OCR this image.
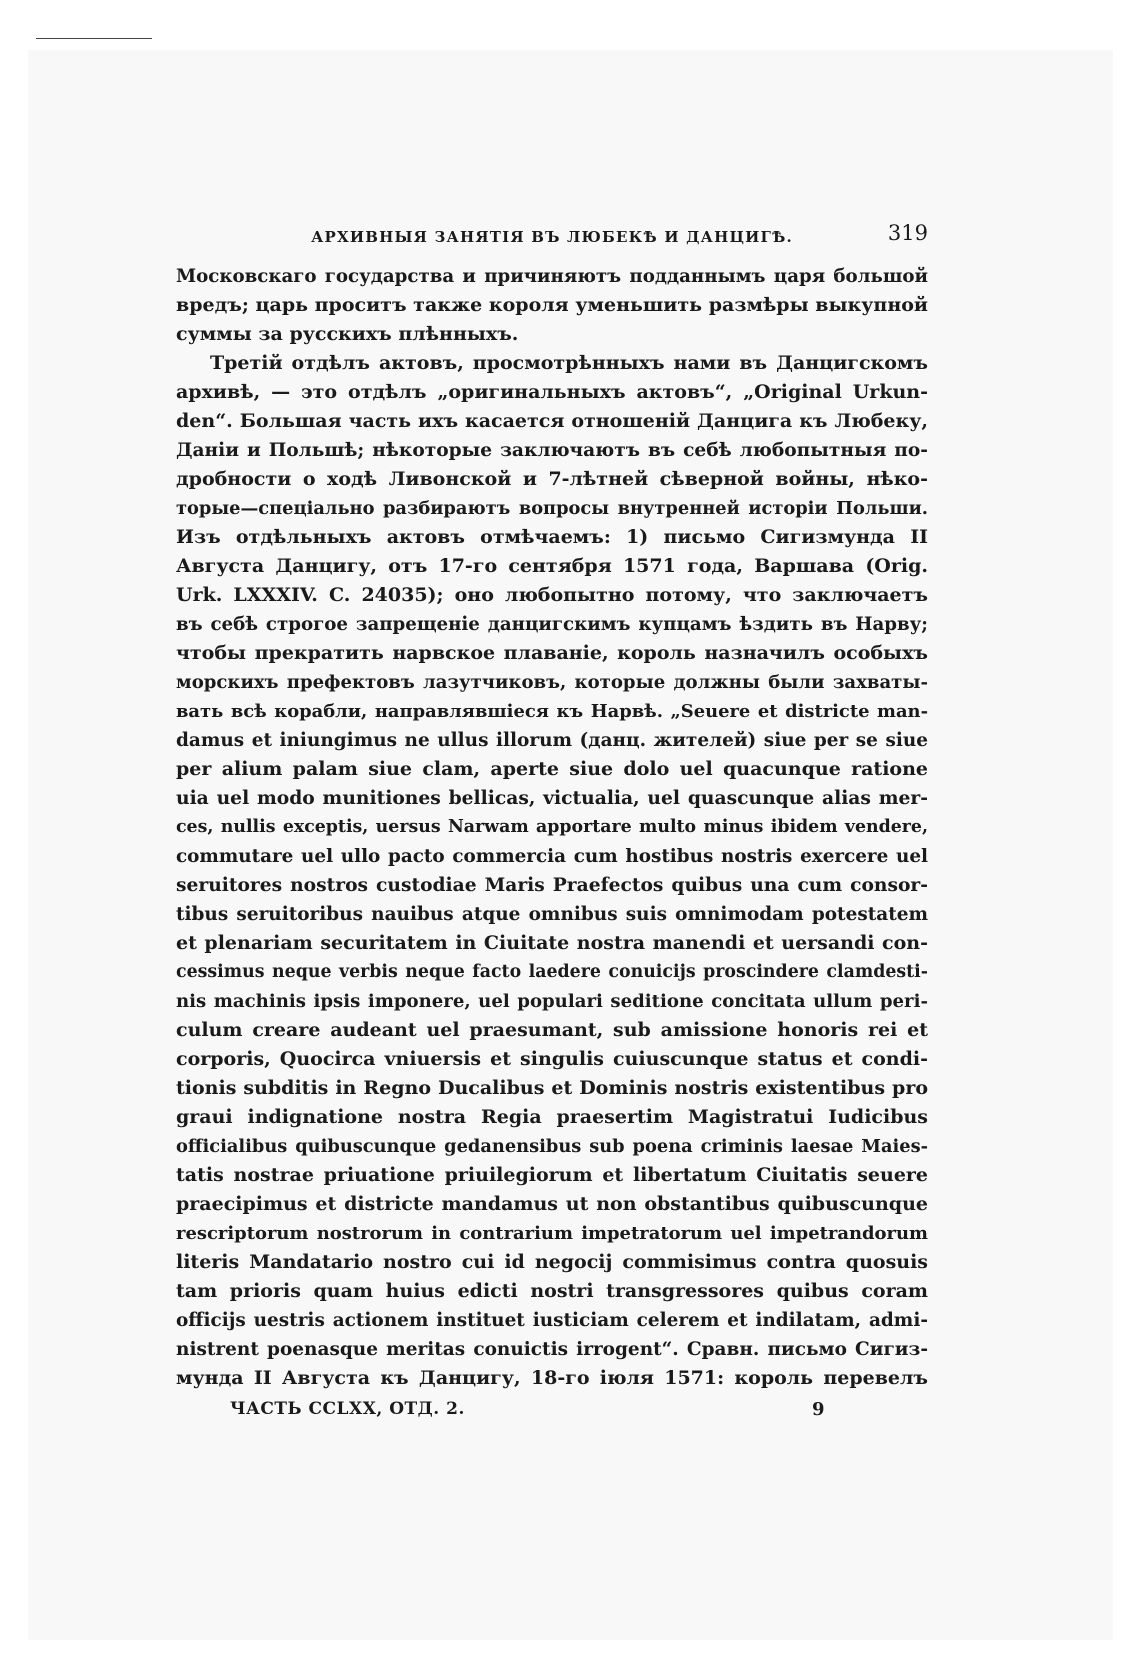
АРХИВНЫЯ ЗАНЯТІЯ ВЪ ЛЮБЕКѢ И ДАНЦИГѢ.	319
Московскаго государства и причиняютъ подданнымъ царя большой
вредъ; царь проситъ также короля уменьшить размѣры выкупной
суммы за русскихъ плѣнныхъ.
Третій отдѣлъ актовъ, просмотрѣнныхъ нами въ Данцигскомъ
архивѣ, — это отдѣлъ „оригинальныхъ актовъ“, „Original Urkun-
den“. Большая часть ихъ касается отношеній Данцига къ Любеку,
Даніи и Польшѣ; нѣкоторые заключаютъ въ себѣ любопытныя по-
дробности о ходѣ Ливонской и 7-лѣтней сѣверной войны, нѣко-
торые—спеціально разбираютъ вопросы внутренней исторіи Польши.
Изъ отдѣльныхъ актовъ отмѣчаемъ: 1) письмо Сигизмунда II
Августа Данцигу, отъ 17-го сентября 1571 года, Варшава (Orig.
Urk. LXXXIV. C. 24035); оно любопытно потому, что заключаетъ
въ себѣ строгое запрещеніе данцигскимъ купцамъ ѣздить въ Нарву;
чтобы прекратить нарвское плаваніе, король назначилъ особыхъ
морскихъ префектовъ лазутчиковъ, которые должны были захваты-
вать всѣ корабли, направлявшіеся къ Нарвѣ. „Seuere et districte man-
damus et iniungimus ne ullus illorum (данц. жителей) siue per se siue
per alium palam siue clam, aperte siue dolo uel quacunque ratione
uia uel modo munitiones bellicas, victualia, uel quascunque alias mer-
ces, nullis exceptis, uersus Narwam apportare multo minus ibidem vendere,
commutare uel ullo pacto commercia cum hostibus nostris exercere uel
seruitores nostros custodiae Maris Praefectos quibus una cum consor-
tibus seruitoribus nauibus atque omnibus suis omnimodam potestatem
et plenariam securitatem in Ciuitate nostra manendi et uersandi con-
cessimus neque verbis neque facto laedere conuicijs proscindere clamdesti-
nis machinis ipsis imponere, uel populari seditione concitata ullum peri-
culum creare audeant uel praesumant, sub amissione honoris rei et
corporis, Quocirca vniuersis et singulis cuiuscunque status et condi-
tionis subditis in Regno Ducalibus et Dominis nostris existentibus pro
graui indignatione nostra Regia praesertim Magistratui Iudicibus
officialibus quibuscunque gedanensibus sub poena criminis laesae Maies-
tatis nostrae priuatione priuilegiorum et libertatum Ciuitatis seuere
praecipimus et districte mandamus ut non obstantibus quibuscunque
rescriptorum nostrorum in contrarium impetratorum uel impetrandorum
literis Mandatario nostro cui id negocij commisimus contra quosuis
tam prioris quam huius edicti nostri transgressores quibus coram
officijs uestris actionem instituet iusticiam celerem et indilatam, admi-
nistrent poenasque meritas conuictis irrogent“. Сравн. письмо Сигиз-
мунда II Августа къ Данцигу, 18-го іюля 1571: король перевелъ
ЧАСТЬ CCLXX, ОТД. 2.	9
